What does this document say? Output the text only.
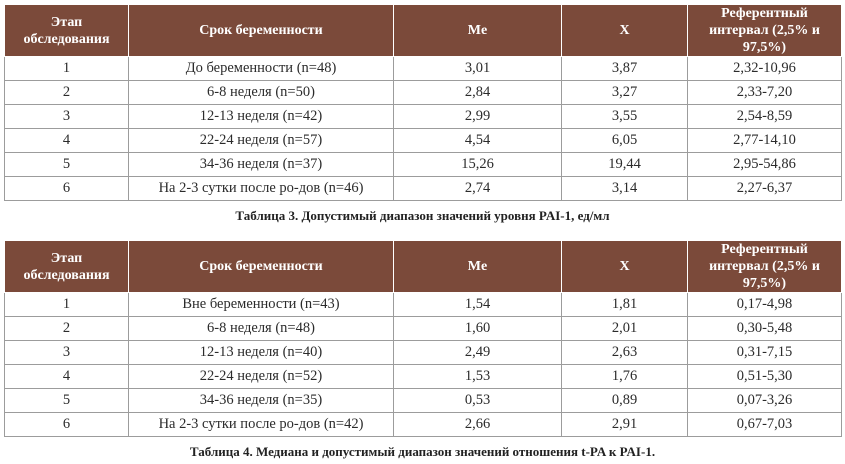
Этап обследования	Срок беременности	Me	X	Референтный интервал (2,5% и 97,5%)
1	До беременности (n=48)	3,01	3,87	2,32-10,96
2	6-8 неделя (n=50)	2,84	3,27	2,33-7,20
3	12-13 неделя (n=42)	2,99	3,55	2,54-8,59
4	22-24 неделя (n=57)	4,54	6,05	2,77-14,10
5	34-36 неделя (n=37)	15,26	19,44	2,95-54,86
6	На 2-3 сутки после ро-дов (n=46)	2,74	3,14	2,27-6,37
Таблица 3. Допустимый диапазон значений уровня PAI-1, ед/мл
Этап обследования	Срок беременности	Me	X	Референтный интервал (2,5% и 97,5%)
1	Вне беременности (n=43)	1,54	1,81	0,17-4,98
2	6-8 неделя (n=48)	1,60	2,01	0,30-5,48
3	12-13 неделя (n=40)	2,49	2,63	0,31-7,15
4	22-24 неделя (n=52)	1,53	1,76	0,51-5,30
5	34-36 неделя (n=35)	0,53	0,89	0,07-3,26
6	На 2-3 сутки после ро-дов (n=42)	2,66	2,91	0,67-7,03
Таблица 4. Медиана и допустимый диапазон значений отношения t-PA к PAI-1.
